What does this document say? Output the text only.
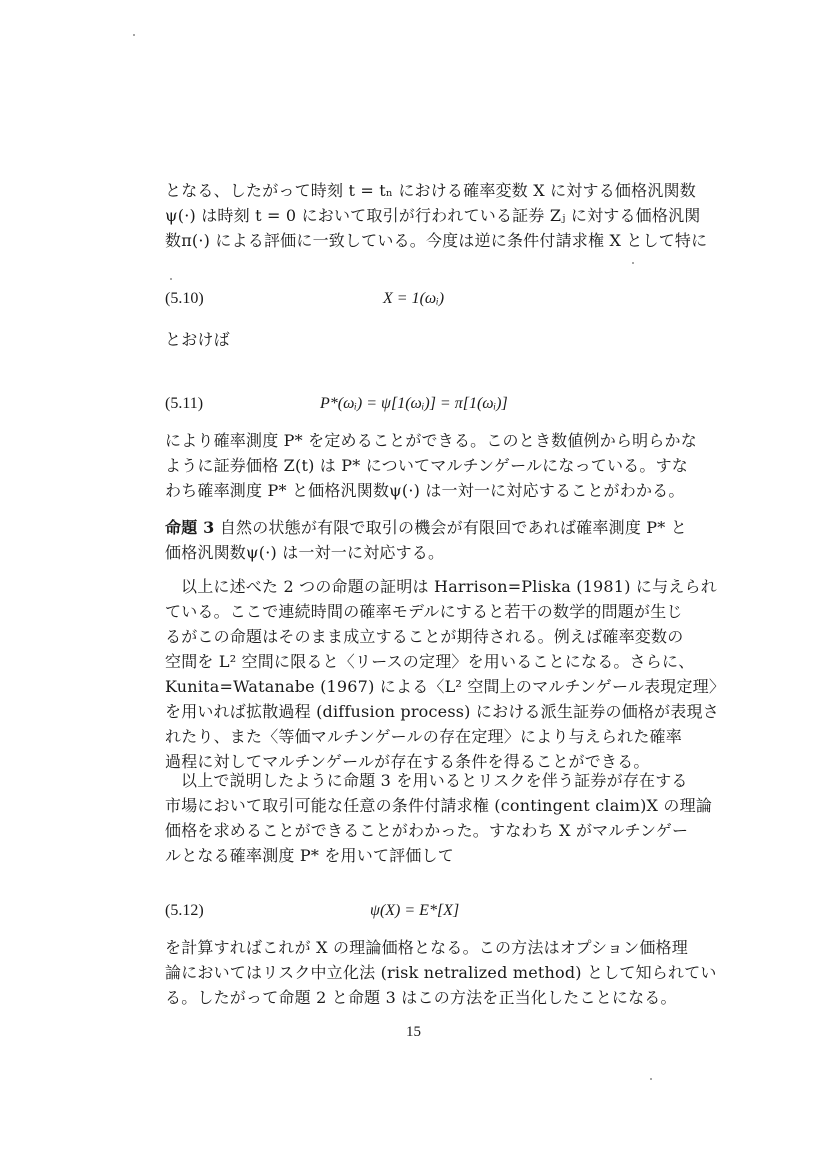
となる、したがって時刻 t = tₙ における確率変数 X に対する価格汎関数
ψ(·) は時刻 t = 0 において取引が行われている証券 Zⱼ に対する価格汎関
数π(·) による評価に一致している。今度は逆に条件付請求権 X として特に
(5.10)	X = 1(ωᵢ)
とおけば
(5.11)	P*(ωᵢ) = ψ[1(ωᵢ)] = π[1(ωᵢ)]
により確率測度 P* を定めることができる。このとき数値例から明らかな
ように証券価格 Z(t) は P* についてマルチンゲールになっている。すな
わち確率測度 P* と価格汎関数ψ(·) は一対一に対応することがわかる。
命題 3 自然の状態が有限で取引の機会が有限回であれば確率測度 P* と
価格汎関数ψ(·) は一対一に対応する。
以上に述べた 2 つの命題の証明は Harrison=Pliska (1981) に与えられ
ている。ここで連続時間の確率モデルにすると若干の数学的問題が生じ
るがこの命題はそのまま成立することが期待される。例えば確率変数の
空間を L² 空間に限ると〈リースの定理〉を用いることになる。さらに、
Kunita=Watanabe (1967) による〈L² 空間上のマルチンゲール表現定理〉
を用いれば拡散過程 (diffusion process) における派生証券の価格が表現さ
れたり、また〈等価マルチンゲールの存在定理〉により与えられた確率
過程に対してマルチンゲールが存在する条件を得ることができる。
以上で説明したように命題 3 を用いるとリスクを伴う証券が存在する
市場において取引可能な任意の条件付請求権 (contingent claim)X の理論
価格を求めることができることがわかった。すなわち X がマルチンゲー
ルとなる確率測度 P* を用いて評価して
(5.12)	ψ(X) = E*[X]
を計算すればこれが X の理論価格となる。この方法はオプション価格理
論においてはリスク中立化法 (risk netralized method) として知られてい
る。したがって命題 2 と命題 3 はこの方法を正当化したことになる。
15
